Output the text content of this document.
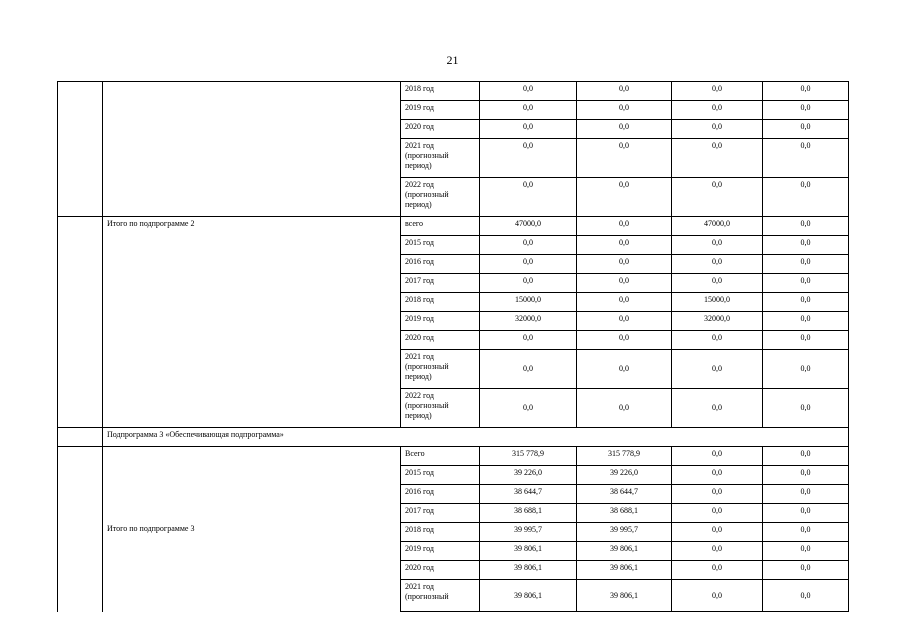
21
		2018 год	0,0	0,0	0,0	0,0
		2019 год	0,0	0,0	0,0	0,0
		2020 год	0,0	0,0	0,0	0,0
		2021 год (прогнозный период)	0,0	0,0	0,0	0,0
		2022 год (прогнозный период)	0,0	0,0	0,0	0,0
	Итого по подпрограмме 2	всего	47000,0	0,0	47000,0	0,0
		2015 год	0,0	0,0	0,0	0,0
		2016 год	0,0	0,0	0,0	0,0
		2017 год	0,0	0,0	0,0	0,0
		2018 год	15000,0	0,0	15000,0	0,0
		2019 год	32000,0	0,0	32000,0	0,0
		2020 год	0,0	0,0	0,0	0,0
		2021 год (прогнозный период)	0,0	0,0	0,0	0,0
		2022 год (прогнозный период)	0,0	0,0	0,0	0,0
	Подпрограмма 3 «Обеспечивающая подпрограмма»					
	Итого по подпрограмме 3	Всего	315 778,9	315 778,9	0,0	0,0
		2015 год	39 226,0	39 226,0	0,0	0,0
		2016 год	38 644,7	38 644,7	0,0	0,0
		2017 год	38 688,1	38 688,1	0,0	0,0
		2018 год	39 995,7	39 995,7	0,0	0,0
		2019 год	39 806,1	39 806,1	0,0	0,0
		2020 год	39 806,1	39 806,1	0,0	0,0
		2021 год (прогнозный	39 806,1	39 806,1	0,0	0,0
